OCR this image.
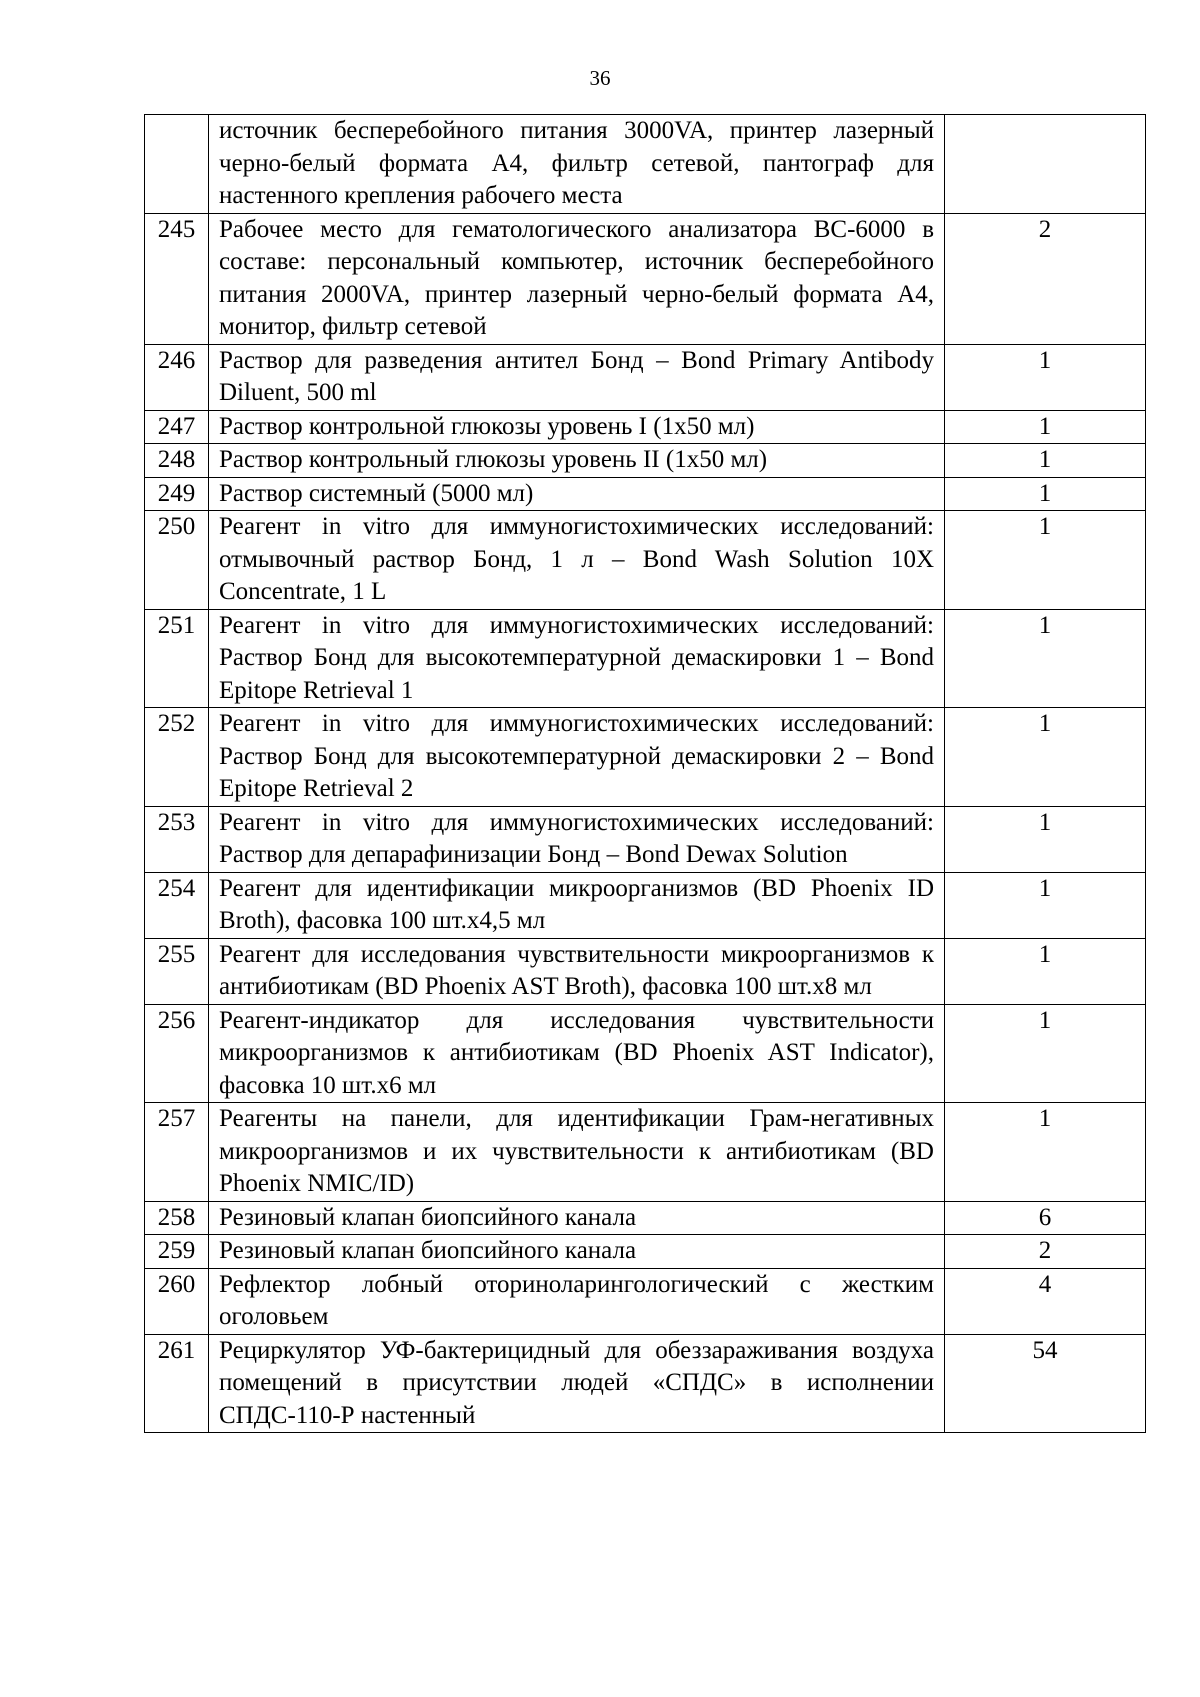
36
	источник бесперебойного питания 3000VA, принтер лазерный черно-белый формата А4, фильтр сетевой, пантограф для настенного крепления рабочего места	
245	Рабочее место для гематологического анализатора ВС-6000 в составе: персональный компьютер, источник бесперебойного питания 2000VA, принтер лазерный черно-белый формата А4, монитор, фильтр сетевой	2
246	Раствор для разведения антител Бонд – Bond Primary Antibody Diluent, 500 ml	1
247	Раствор контрольной глюкозы уровень I (1x50 мл)	1
248	Раствор контрольный глюкозы уровень II (1x50 мл)	1
249	Раствор системный (5000 мл)	1
250	Реагент in vitro для иммуногистохимических исследований: отмывочный раствор Бонд, 1 л – Bond Wash Solution 10X Concentrate, 1 L	1
251	Реагент in vitro для иммуногистохимических исследований: Раствор Бонд для высокотемпературной демаскировки 1 – Bond Epitope Retrieval 1	1
252	Реагент in vitro для иммуногистохимических исследований: Раствор Бонд для высокотемпературной демаскировки 2 – Bond Epitope Retrieval 2	1
253	Реагент in vitro для иммуногистохимических исследований: Раствор для депарафинизации Бонд – Bond Dewax Solution	1
254	Реагент для идентификации микроорганизмов (BD Phoenix ID Broth), фасовка 100 шт.х4,5 мл	1
255	Реагент для исследования чувствительности микроорганизмов к антибиотикам (BD Phoenix AST Broth), фасовка 100 шт.х8 мл	1
256	Реагент-индикатор для исследования чувствительности микроорганизмов к антибиотикам (BD Phoenix AST Indicator), фасовка 10 шт.х6 мл	1
257	Реагенты на панели, для идентификации Грам-негативных микроорганизмов и их чувствительности к антибиотикам (BD Phoenix NMIC/ID)	1
258	Резиновый клапан биопсийного канала	6
259	Резиновый клапан биопсийного канала	2
260	Рефлектор лобный оториноларингологический с жестким оголовьем	4
261	Рециркулятор УФ-бактерицидный для обеззараживания воздуха помещений в присутствии людей «СПДС» в исполнении СПДС-110-Р настенный	54
